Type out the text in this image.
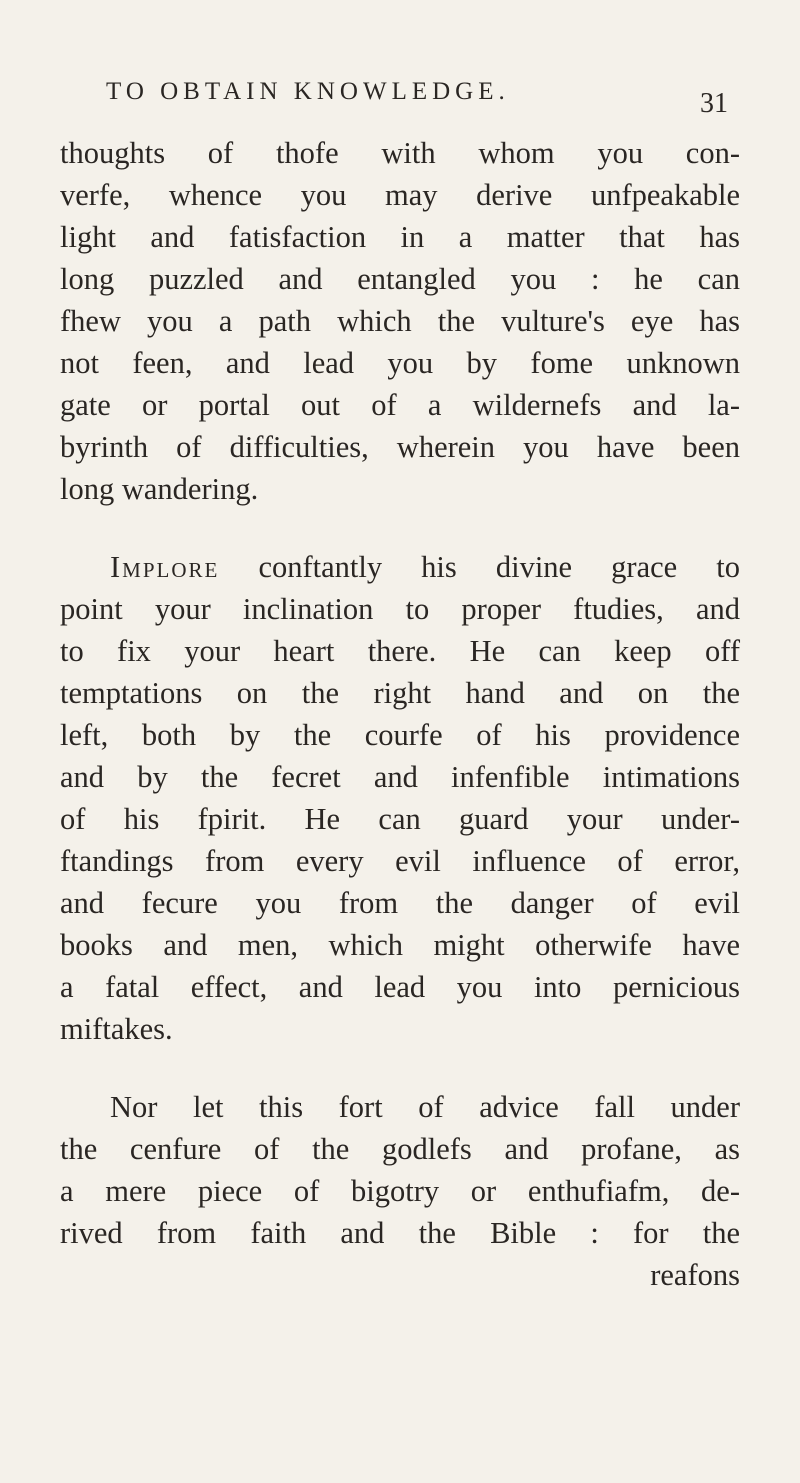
TO OBTAIN KNOWLEDGE.	31
thoughts of thofe with whom you con-
verfe, whence you may derive unfpeakable
light and fatisfaction in a matter that has
long puzzled and entangled you : he can
fhew you a path which the vulture's eye has
not feen, and lead you by fome unknown
gate or portal out of a wildernefs and la-
byrinth of difficulties, wherein you have been
long wandering.
Implore conftantly his divine grace to
point your inclination to proper ftudies, and
to fix your heart there. He can keep off
temptations on the right hand and on the
left, both by the courfe of his providence
and by the fecret and infenfible intimations
of his fpirit. He can guard your under-
ftandings from every evil influence of error,
and fecure you from the danger of evil
books and men, which might otherwife have
a fatal effect, and lead you into pernicious
miftakes.
Nor let this fort of advice fall under
the cenfure of the godlefs and profane, as
a mere piece of bigotry or enthufiafm, de-
rived from faith and the Bible : for the
reafons
